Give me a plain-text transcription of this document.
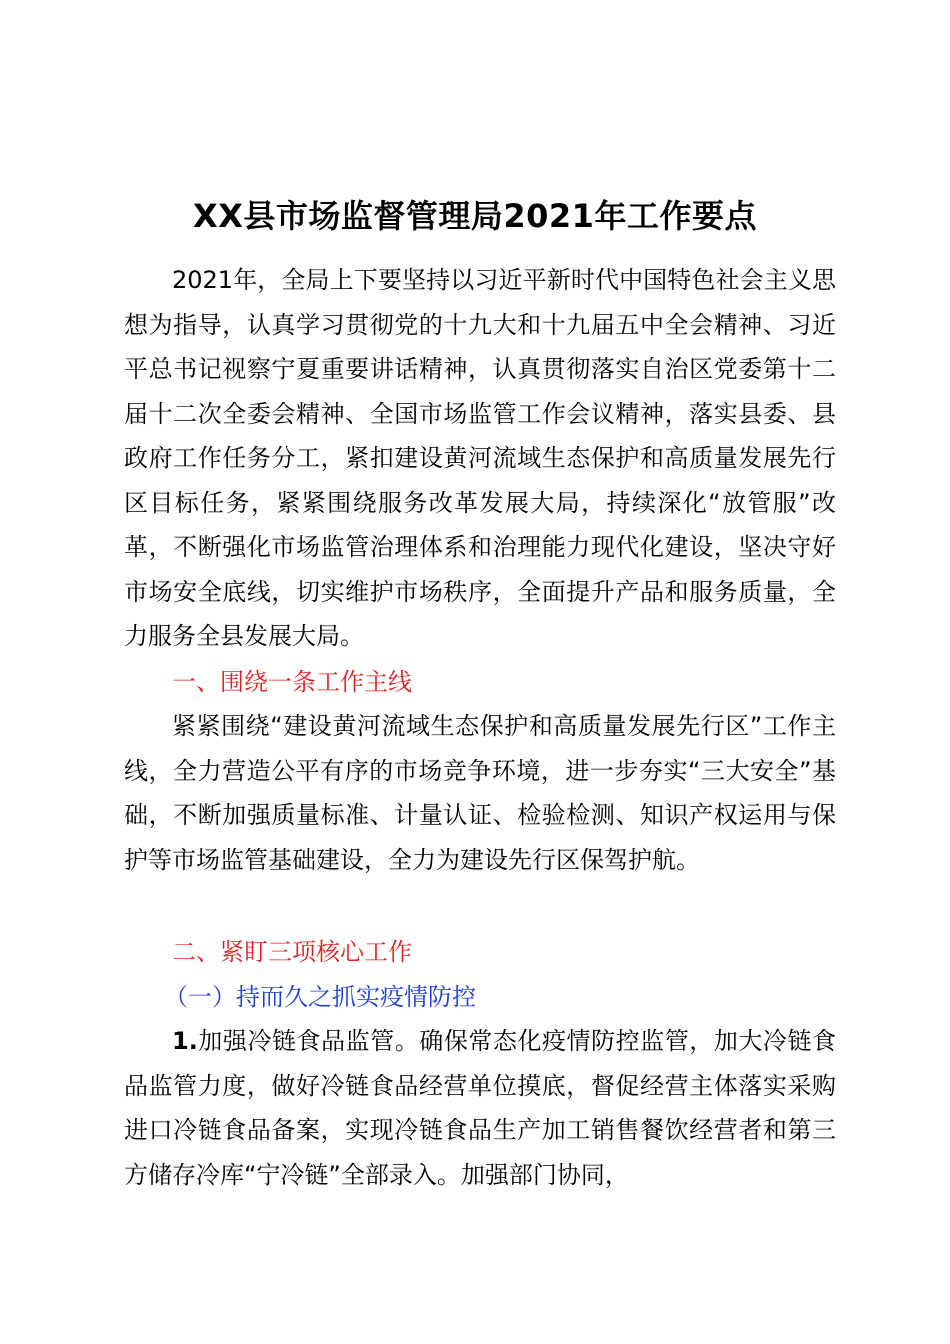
XX县市场监督管理局2021年工作要点

2021年，全局上下要坚持以习近平新时代中国特色社会主义思想为指导，认真学习贯彻党的十九大和十九届五中全会精神、习近平总书记视察宁夏重要讲话精神，认真贯彻落实自治区党委第十二届十二次全委会精神、全国市场监管工作会议精神，落实县委、县政府工作任务分工，紧扣建设黄河流域生态保护和高质量发展先行区目标任务，紧紧围绕服务改革发展大局，持续深化“放管服”改革，不断强化市场监管治理体系和治理能力现代化建设，坚决守好市场安全底线，切实维护市场秩序，全面提升产品和服务质量，全力服务全县发展大局。

一、围绕一条工作主线

紧紧围绕“建设黄河流域生态保护和高质量发展先行区”工作主线，全力营造公平有序的市场竞争环境，进一步夯实“三大安全”基础，不断加强质量标准、计量认证、检验检测、知识产权运用与保护等市场监管基础建设，全力为建设先行区保驾护航。

二、紧盯三项核心工作

（一）持而久之抓实疫情防控

1.加强冷链食品监管。确保常态化疫情防控监管，加大冷链食品监管力度，做好冷链食品经营单位摸底，督促经营主体落实采购进口冷链食品备案，实现冷链食品生产加工销售餐饮经营者和第三方储存冷库“宁冷链”全部录入。加强部门协同，
